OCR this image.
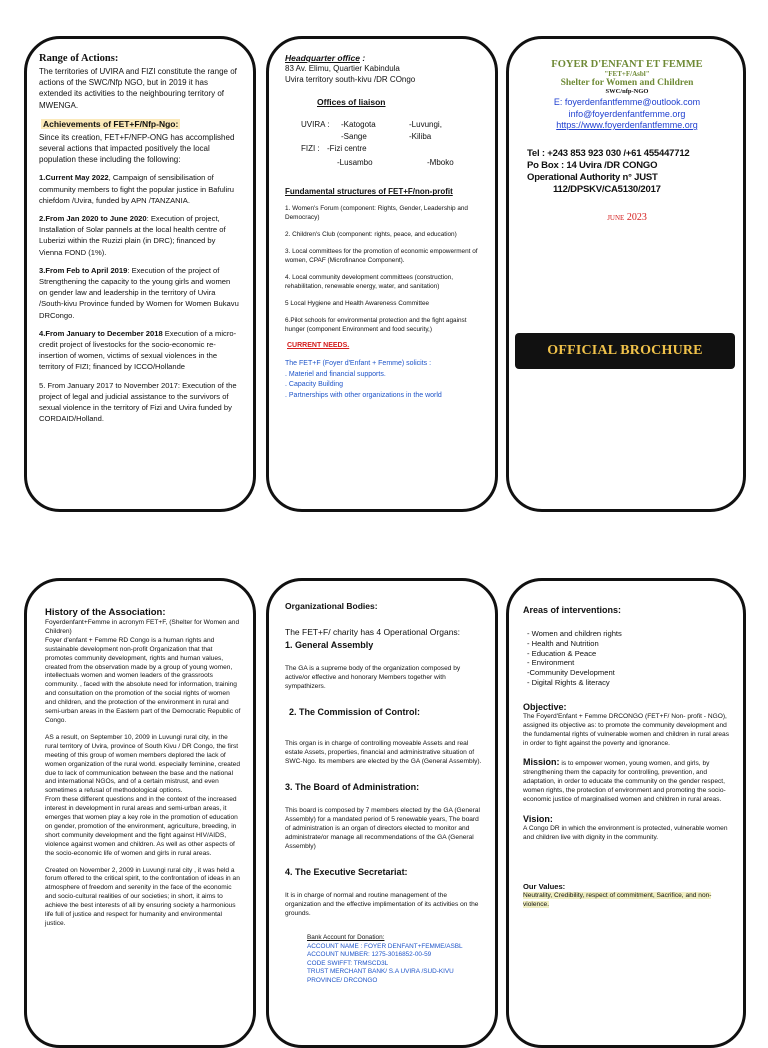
Range of Actions:

The territories of UVIRA and FIZI constitute the range of actions of the SWC/Nfp NGO, but in 2019 it has extended its activities to the neighbouring territory of MWENGA.

Achievements of FET+F/Nfp-Ngo:

Since its creation, FET+F/NFP-ONG has accomplished several actions that impacted positively the local population these including the following:

1.Current May 2022, Campaign of sensibilisation of community members to fight the popular justice in Bafuliru chiefdom /Uvira, funded by APN /TANZANIA.

2.From Jan 2020 to June 2020: Execution of project, Installation of Solar pannels at the local health centre of Luberizi within the Ruzizi plain (in DRC); financed by Vienna FOND (1%).

3.From Feb to April 2019: Execution of the project of Strengthening the capacity to the young girls and women on gender law and leadership in the territory of Uvira /South-kivu Province funded by Women for Women Bukavu DRCongo.

4.From January to December 2018 Execution of a micro-credit project of livestocks for the socio-economic re-insertion of women, victims of sexual violences in the territory of FIZI; financed by ICCO/Hollande

5. From January 2017 to November 2017: Execution of the project of legal and judicial assistance to the survivors of sexual violence in the territory of Fizi and Uvira funded by CORDAID/Holland.

Headquarter office :

83 Av. Elimu, Quartier Kabindula

Uvira territory south-kivu /DR COngo

Offices of liaison
UVIRA : -Katogota	-Luvungi,
-Sange	-Kiliba
FIZI : -Fizi centre
-Lusambo	-Mboko
Fundamental structures of FET+F/non-profit

1. Women's Forum (component: Rights, Gender, Leadership and Democracy)

2. Children's Club (component: rights, peace, and education)

3. Local committees for the promotion of economic empowerment of women, CPAF (Microfinance Component).

4. Local community development committees (construction, rehabilitation, renewable energy, water, and sanitation)

5 Local Hygiene and Health Awareness Committee

6.Pilot schools for environmental protection and the fight against hunger (component Environment and food security,)

CURRENT NEEDS.

The FET+F (Foyer d'Enfant + Femme) solicits :

. Materiel and financial supports.

. Capacity Building

. Partnerships with other organizations in the world

FOYER D'ENFANT ET FEMME
"FET+F/Asbl"
Shelter for Women and Children
SWC/nfp-NGO
E: foyerdenfantfemme@outlook.com
info@foyerdenfantfemme.org
https://www.foyerdenfantfemme.org
Tel : +243 853 923 030 /+61 455447712
Po Box : 14 Uvira /DR CONGO
Operational Authority n° JUST
112/DPSKV/CA5130/2017
JUNE 2023
OFFICIAL BROCHURE
History of the Association:

Foyerdenfant+Femme in acronym FET+F, (Shelter for Women and Children)
Foyer d'enfant + Femme RD Congo is a human rights and sustainable development non-profit Organization that that promotes community development, rights and human values, created from the observation made by a group of young women, intellectuals women and women leaders of the grassroots community. , faced with the absolute need for information, training and consultation on the promotion of the social rights of women and children, and the protection of the environment in rural and semi-urban areas in the Eastern part of the Democratic Republic of Congo.

AS a result, on September 10, 2009 in Luvungi rural city, in the rural territory of Uvira, province of South Kivu / DR Congo, the first meeting of this group of women members deplored the lack of women organization of the rural world. especially feminine, created due to lack of communication between the base and the national and international NGOs, and of a certain mistrust, and even sometimes a refusal of methodological options.
From these different questions and in the context of the increased interest in development in rural areas and semi-urban areas, it emerges that women play a key role in the promotion of education on gender, promotion of the environment, agriculture, breeding, in short community development and the fight against HIV/AIDS, violence against women and children. As well as other aspects of the socio-economic life of women and girls in rural areas.

Created on November 2, 2009 in Luvungi rural city , it was held a forum offered to the critical spirit, to the confrontation of ideas in an atmosphere of freedom and serenity in the face of the economic and socio-cultural realities of our societies; in short, it aims to achieve the best interests of all by ensuring society a harmonious life full of justice and respect for humanity and environmental justice.

Organizational Bodies:

The FET+F/ charity has 4 Operational Organs:

1. General Assembly

The GA is a supreme body of the organization composed by active/or effective and honorary Members together with sympathizers.

2. The Commission of Control:

This organ is in charge of controlling moveable Assets and real estate Assets, properties, financial and administrative situation of SWC-Ngo. Its members are elected by the GA (General Assembly).

3. The Board of Administration:

This board is composed by 7 members elected by the GA (General Assembly) for a mandated period of 5 renewable years, The board of administration is an organ of directors elected to monitor and administrate/or manage all recommendations of the GA (General Assembly)

4. The Executive Secretariat:

It is in charge of normal and routine management of the organization and the effective implimentation of its activities on the grounds.

Bank Account for Donation:
ACCOUNT NAME : FOYER DENFANT+FEMME/ASBL
ACCOUNT NUMBER: 1275-3016852-00-59
CODE SWIFFT: TRMSCD3L
TRUST MERCHANT BANK/ S.A UVIRA /SUD-KIVU
PROVINCE/ DRCONGO
Areas of interventions:
- Women and children rights
- Health and Nutrition
- Education & Peace
- Environment
-Community Development
- Digital Rights & literacy
Objective:

The Foyerd'Enfant + Femme DRCONGO (FET+F/ Non- profit - NGO), assigned its objective as: to promote the community development and the fundamental rights of vulnerable women and children in rural areas in order to fight against the poverty and ignorance.

Mission: is to empower women, young women, and girls, by strengthening them the capacity for controlling, prevention, and adaptation, in order to educate the community on the gender respect, women rights, the protection of environment and promoting the socio-economic justice of marginalised women and children in rural areas.

Vision:

A Congo DR in which the environment is protected, vulnerable women and children live with dignity in the community.

Our Values:

Neutrality, Credibility, respect of commitment, Sacrifice, and non-violence.
